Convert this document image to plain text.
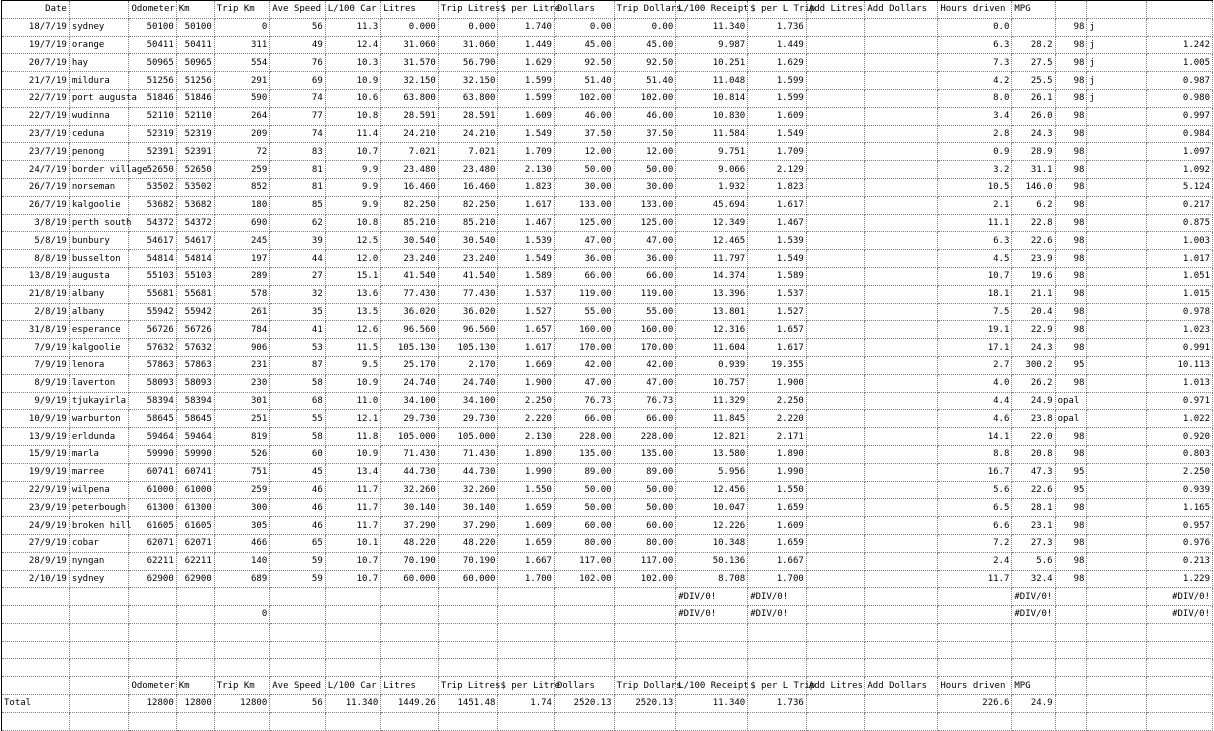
Date		Odometer	Km	Trip Km	Ave Speed	L/100 Car	Litres	Trip Litres	$ per Litre	Dollars	Trip Dollars	L/100 Receipt	$ per L Trip	Add Litres	Add Dollars	Hours driven	MPG			
18/7/19	sydney	50100	50100	0	56	11.3	0.000	0.000	1.740	0.00	0.00	11.340	1.736			0.0		98	j	
19/7/19	orange	50411	50411	311	49	12.4	31.060	31.060	1.449	45.00	45.00	9.987	1.449			6.3	28.2	98	j	1.242
20/7/19	hay	50965	50965	554	76	10.3	31.570	56.790	1.629	92.50	92.50	10.251	1.629			7.3	27.5	98	j	1.005
21/7/19	mildura	51256	51256	291	69	10.9	32.150	32.150	1.599	51.40	51.40	11.048	1.599			4.2	25.5	98	j	0.987
22/7/19	port augusta	51846	51846	590	74	10.6	63.800	63.800	1.599	102.00	102.00	10.814	1.599			8.0	26.1	98	j	0.980
22/7/19	wudinna	52110	52110	264	77	10.8	28.591	28.591	1.609	46.00	46.00	10.830	1.609			3.4	26.0	98		0.997
23/7/19	ceduna	52319	52319	209	74	11.4	24.210	24.210	1.549	37.50	37.50	11.584	1.549			2.8	24.3	98		0.984
23/7/19	penong	52391	52391	72	83	10.7	7.021	7.021	1.709	12.00	12.00	9.751	1.709			0.9	28.9	98		1.097
24/7/19	border village	52650	52650	259	81	9.9	23.480	23.480	2.130	50.00	50.00	9.066	2.129			3.2	31.1	98		1.092
26/7/19	norseman	53502	53502	852	81	9.9	16.460	16.460	1.823	30.00	30.00	1.932	1.823			10.5	146.0	98		5.124
26/7/19	kalgoolie	53682	53682	180	85	9.9	82.250	82.250	1.617	133.00	133.00	45.694	1.617			2.1	6.2	98		0.217
3/8/19	perth south	54372	54372	690	62	10.8	85.210	85.210	1.467	125.00	125.00	12.349	1.467			11.1	22.8	98		0.875
5/8/19	bunbury	54617	54617	245	39	12.5	30.540	30.540	1.539	47.00	47.00	12.465	1.539			6.3	22.6	98		1.003
8/8/19	busselton	54814	54814	197	44	12.0	23.240	23.240	1.549	36.00	36.00	11.797	1.549			4.5	23.9	98		1.017
13/8/19	augusta	55103	55103	289	27	15.1	41.540	41.540	1.589	66.00	66.00	14.374	1.589			10.7	19.6	98		1.051
21/8/19	albany	55681	55681	578	32	13.6	77.430	77.430	1.537	119.00	119.00	13.396	1.537			18.1	21.1	98		1.015
2/8/19	albany	55942	55942	261	35	13.5	36.020	36.020	1.527	55.00	55.00	13.801	1.527			7.5	20.4	98		0.978
31/8/19	esperance	56726	56726	784	41	12.6	96.560	96.560	1.657	160.00	160.00	12.316	1.657			19.1	22.9	98		1.023
7/9/19	kalgoolie	57632	57632	906	53	11.5	105.130	105.130	1.617	170.00	170.00	11.604	1.617			17.1	24.3	98		0.991
7/9/19	lenora	57863	57863	231	87	9.5	25.170	2.170	1.669	42.00	42.00	0.939	19.355			2.7	300.2	95		10.113
8/9/19	laverton	58093	58093	230	58	10.9	24.740	24.740	1.900	47.00	47.00	10.757	1.900			4.0	26.2	98		1.013
9/9/19	tjukayirla	58394	58394	301	68	11.0	34.100	34.100	2.250	76.73	76.73	11.329	2.250			4.4	24.9	opal		0.971
10/9/19	warburton	58645	58645	251	55	12.1	29.730	29.730	2.220	66.00	66.00	11.845	2.220			4.6	23.8	opal		1.022
13/9/19	erldunda	59464	59464	819	58	11.8	105.000	105.000	2.130	228.00	228.00	12.821	2.171			14.1	22.0	98		0.920
15/9/19	marla	59990	59990	526	60	10.9	71.430	71.430	1.890	135.00	135.00	13.580	1.890			8.8	20.8	98		0.803
19/9/19	marree	60741	60741	751	45	13.4	44.730	44.730	1.990	89.00	89.00	5.956	1.990			16.7	47.3	95		2.250
22/9/19	wilpena	61000	61000	259	46	11.7	32.260	32.260	1.550	50.00	50.00	12.456	1.550			5.6	22.6	95		0.939
23/9/19	peterbough	61300	61300	300	46	11.7	30.140	30.140	1.659	50.00	50.00	10.047	1.659			6.5	28.1	98		1.165
24/9/19	broken hill	61605	61605	305	46	11.7	37.290	37.290	1.609	60.00	60.00	12.226	1.609			6.6	23.1	98		0.957
27/9/19	cobar	62071	62071	466	65	10.1	48.220	48.220	1.659	80.00	80.00	10.348	1.659			7.2	27.3	98		0.976
28/9/19	nyngan	62211	62211	140	59	10.7	70.190	70.190	1.667	117.00	117.00	50.136	1.667			2.4	5.6	98		0.213
2/10/19	sydney	62900	62900	689	59	10.7	60.000	60.000	1.700	102.00	102.00	8.708	1.700			11.7	32.4	98		1.229
												#DIV/0!	#DIV/0!				#DIV/0!			#DIV/0!
				0								#DIV/0!	#DIV/0!				#DIV/0!			#DIV/0!

		Odometer	Km	Trip Km	Ave Speed	L/100 Car	Litres	Trip Litres	$ per Litre	Dollars	Trip Dollars	L/100 Receipt	$ per L Trip	Add Litres	Add Dollars	Hours driven	MPG			
Total		12800	12800	12800	56	11.340	1449.26	1451.48	1.74	2520.13	2520.13	11.340	1.736			226.6	24.9			
